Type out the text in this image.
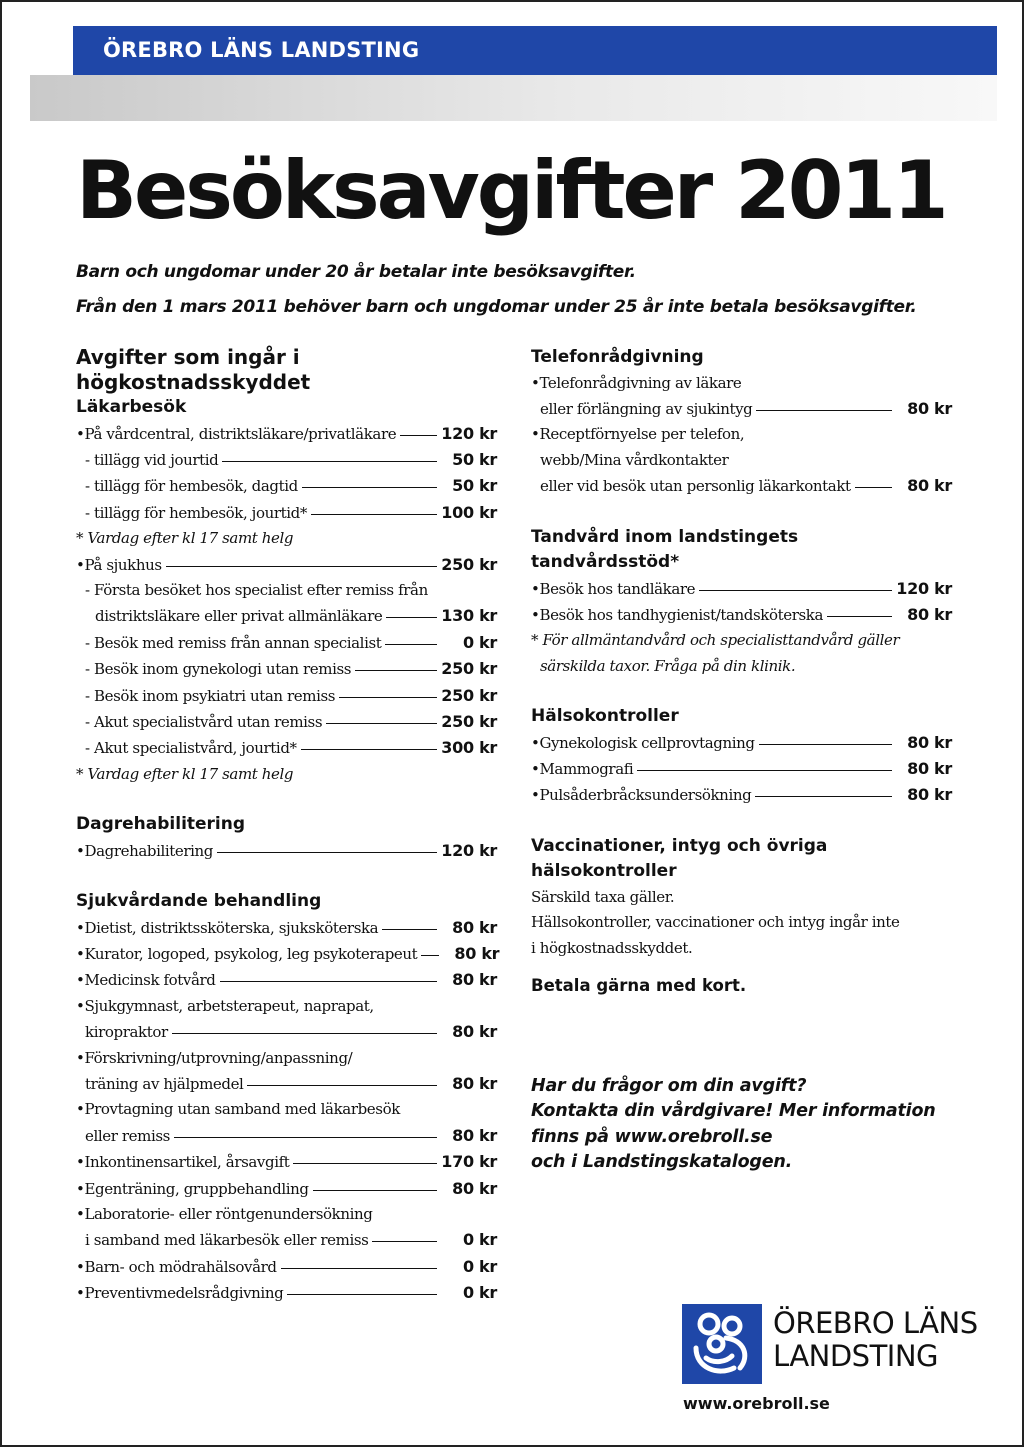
ÖREBRO LÄNS LANDSTING
Besöksavgifter 2011
Barn och ungdomar under 20 år betalar inte besöksavgifter.
Från den 1 mars 2011 behöver barn och ungdomar under 25 år inte betala besöksavgifter.
Avgifter som ingår i
högkostnadsskyddet
Läkarbesök
•På vårdcentral, distriktsläkare/privatläkare	120 kr
- tillägg vid jourtid	50 kr
- tillägg för hembesök, dagtid	50 kr
- tillägg för hembesök, jourtid*	100 kr
* Vardag efter kl 17 samt helg
•På sjukhus	250 kr
- Första besöket hos specialist efter remiss från
distriktsläkare eller privat allmänläkare	130 kr
- Besök med remiss från annan specialist	0 kr
- Besök inom gynekologi utan remiss	250 kr
- Besök inom psykiatri utan remiss	250 kr
- Akut specialistvård utan remiss	250 kr
- Akut specialistvård, jourtid*	300 kr
* Vardag efter kl 17 samt helg
Dagrehabilitering
•Dagrehabilitering	120 kr
Sjukvårdande behandling
•Dietist, distriktssköterska, sjuksköterska	80 kr
•Kurator, logoped, psykolog, leg psykoterapeut	80 kr
•Medicinsk fotvård	80 kr
•Sjukgymnast, arbetsterapeut, naprapat,
kiropraktor	80 kr
•Förskrivning/utprovning/anpassning/
träning av hjälpmedel	80 kr
•Provtagning utan samband med läkarbesök
eller remiss	80 kr
•Inkontinensartikel, årsavgift	170 kr
•Egenträning, gruppbehandling	80 kr
•Laboratorie- eller röntgenundersökning
i samband med läkarbesök eller remiss	0 kr
•Barn- och mödrahälsovård	0 kr
•Preventivmedelsrådgivning	0 kr
Telefonrådgivning
•Telefonrådgivning av läkare
eller förlängning av sjukintyg	80 kr
•Receptförnyelse per telefon,
webb/Mina vårdkontakter
eller vid besök utan personlig läkarkontakt	80 kr
Tandvård inom landstingets tandvårdsstöd*
•Besök hos tandläkare	120 kr
•Besök hos tandhygienist/tandsköterska	80 kr
* För allmäntandvård och specialisttandvård gäller
särskilda taxor. Fråga på din klinik.
Hälsokontroller
•Gynekologisk cellprovtagning	80 kr
•Mammografi	80 kr
•Pulsåderbråcksundersökning	80 kr
Vaccinationer, intyg och övriga
hälsokontroller
Särskild taxa gäller.
Hällsokontroller, vaccinationer och intyg ingår inte
i högkostnadsskyddet.
Betala gärna med kort.
Har du frågor om din avgift?
Kontakta din vårdgivare! Mer information
finns på www.orebroll.se
och i Landstingskatalogen.
ÖREBRO LÄNS
LANDSTING
www.orebroll.se
